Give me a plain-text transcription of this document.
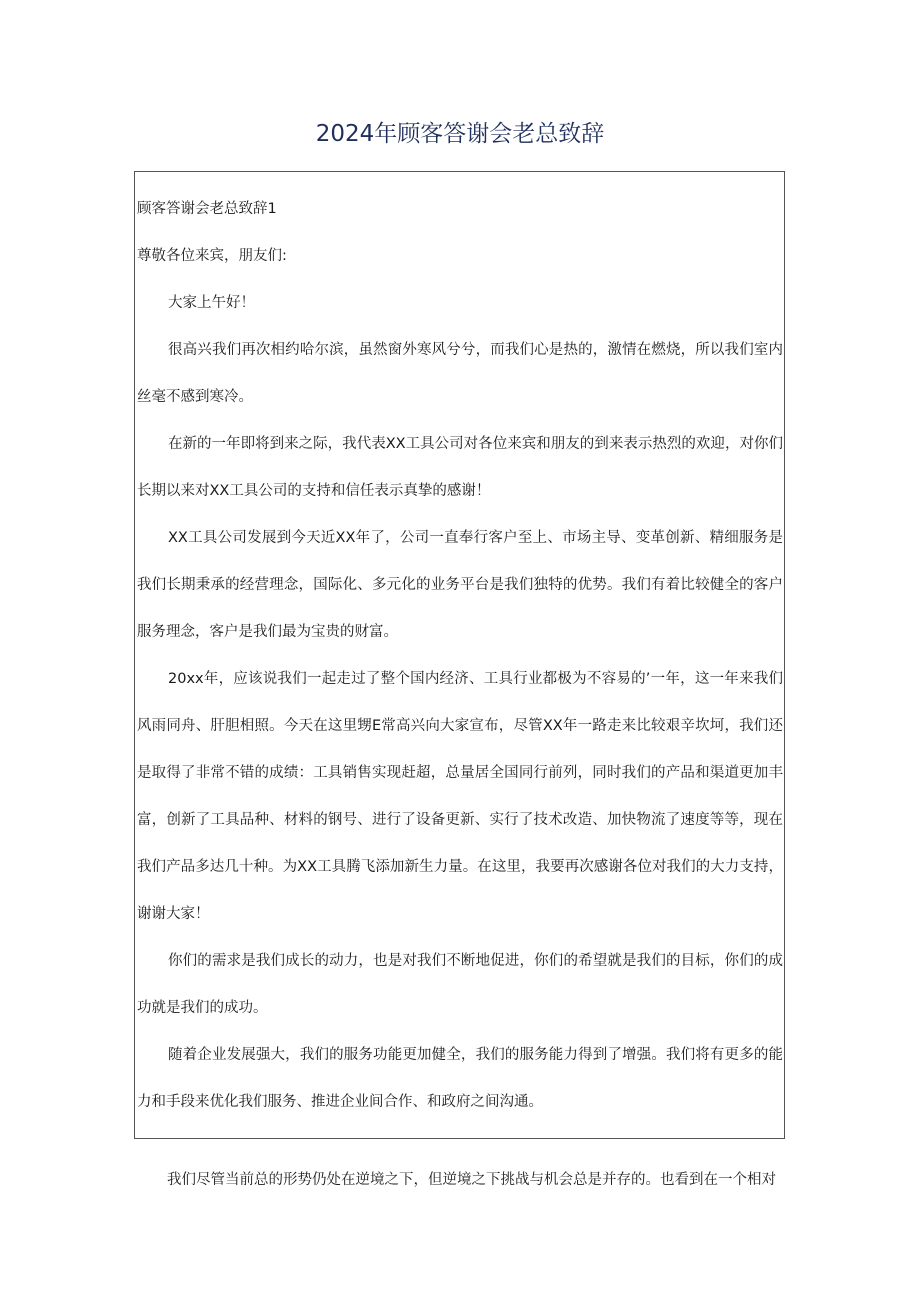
2024年顾客答谢会老总致辞

顾客答谢会老总致辞1

尊敬各位来宾，朋友们:

大家上午好！

很高兴我们再次相约哈尔滨，虽然窗外寒风兮兮，而我们心是热的，激情在燃烧，所以我们室内丝毫不感到寒冷。

在新的一年即将到来之际，我代表XX工具公司对各位来宾和朋友的到来表示热烈的欢迎，对你们长期以来对XX工具公司的支持和信任表示真挚的感谢！

XX工具公司发展到今天近XX年了，公司一直奉行客户至上、市场主导、变革创新、精细服务是我们长期秉承的经营理念，国际化、多元化的业务平台是我们独特的优势。我们有着比较健全的客户服务理念，客户是我们最为宝贵的财富。

20xx年，应该说我们一起走过了整个国内经济、工具行业都极为不容易的’一年，这一年来我们风雨同舟、肝胆相照。今天在这里甥E常高兴向大家宣布，尽管XX年一路走来比较艰辛坎坷，我们还是取得了非常不错的成绩：工具销售实现赶超，总量居全国同行前列，同时我们的产品和渠道更加丰富，创新了工具品种、材料的钢号、进行了设备更新、实行了技术改造、加快物流了速度等等，现在我们产品多达几十种。为XX工具腾飞添加新生力量。在这里，我要再次感谢各位对我们的大力支持，谢谢大家！

你们的需求是我们成长的动力，也是对我们不断地促进，你们的希望就是我们的目标，你们的成功就是我们的成功。

随着企业发展强大，我们的服务功能更加健全，我们的服务能力得到了增强。我们将有更多的能力和手段来优化我们服务、推进企业间合作、和政府之间沟通。

我们尽管当前总的形势仍处在逆境之下，但逆境之下挑战与机会总是并存的。也看到在一个相对
